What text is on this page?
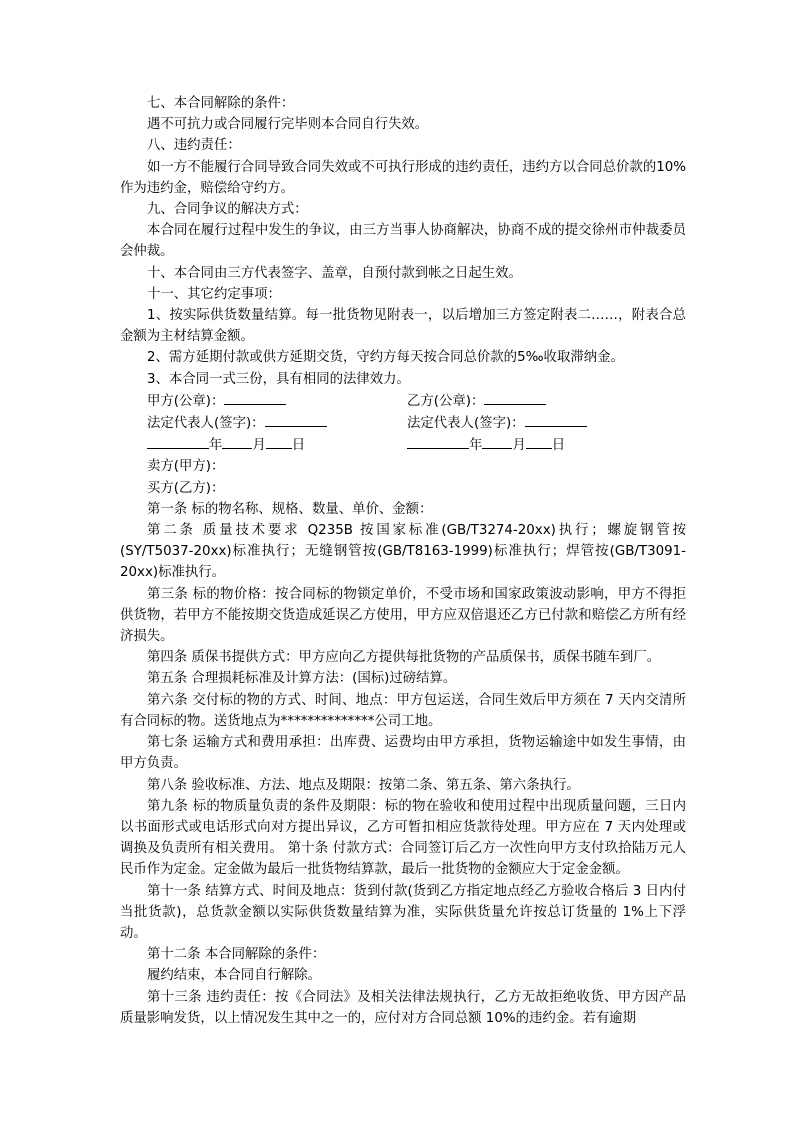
七、本合同解除的条件：

遇不可抗力或合同履行完毕则本合同自行失效。

八、违约责任：

如一方不能履行合同导致合同失效或不可执行形成的违约责任，违约方以合同总价款的10%作为违约金，赔偿给守约方。

九、合同争议的解决方式：

本合同在履行过程中发生的争议，由三方当事人协商解决，协商不成的提交徐州市仲裁委员会仲裁。

十、本合同由三方代表签字、盖章，自预付款到帐之日起生效。

十一、其它约定事项：

1、按实际供货数量结算。每一批货物见附表一，以后增加三方签定附表二……，附表合总金额为主材结算金额。

2、需方延期付款或供方延期交货，守约方每天按合同总价款的5‰收取滞纳金。

3、本合同一式三份，具有相同的法律效力。

甲方(公章)：	乙方(公章)：
法定代表人(签字)：	法定代表人(签字)：
年 月 日	年 月 日

卖方(甲方)：

买方(乙方)：

第一条 标的物名称、规格、数量、单价、金额：

第二条 质量技术要求 Q235B 按国家标准(GB/T3274-20xx)执行；螺旋钢管按(SY/T5037-20xx)标准执行；无缝钢管按(GB/T8163-1999)标准执行；焊管按(GB/T3091-20xx)标准执行。

第三条 标的物价格：按合同标的物锁定单价，不受市场和国家政策波动影响，甲方不得拒供货物，若甲方不能按期交货造成延误乙方使用，甲方应双倍退还乙方已付款和赔偿乙方所有经济损失。

第四条 质保书提供方式：甲方应向乙方提供每批货物的产品质保书，质保书随车到厂。

第五条 合理损耗标准及计算方法：(国标)过磅结算。

第六条 交付标的物的方式、时间、地点：甲方包运送，合同生效后甲方须在 7 天内交清所有合同标的物。送货地点为**************公司工地。

第七条 运输方式和费用承担：出库费、运费均由甲方承担，货物运输途中如发生事情，由甲方负责。

第八条 验收标准、方法、地点及期限：按第二条、第五条、第六条执行。

第九条 标的物质量负责的条件及期限：标的物在验收和使用过程中出现质量问题，三日内以书面形式或电话形式向对方提出异议，乙方可暂扣相应货款待处理。甲方应在 7 天内处理或调换及负责所有相关费用。 第十条 付款方式：合同签订后乙方一次性向甲方支付玖拾陆万元人民币作为定金。定金做为最后一批货物结算款，最后一批货物的金额应大于定金金额。

第十一条 结算方式、时间及地点：货到付款(货到乙方指定地点经乙方验收合格后 3 日内付当批货款)，总货款金额以实际供货数量结算为准，实际供货量允许按总订货量的 1%上下浮动。

第十二条 本合同解除的条件：

履约结束，本合同自行解除。

第十三条 违约责任：按《合同法》及相关法律法规执行，乙方无故拒绝收货、甲方因产品质量影响发货，以上情况发生其中之一的，应付对方合同总额 10%的违约金。若有逾期
